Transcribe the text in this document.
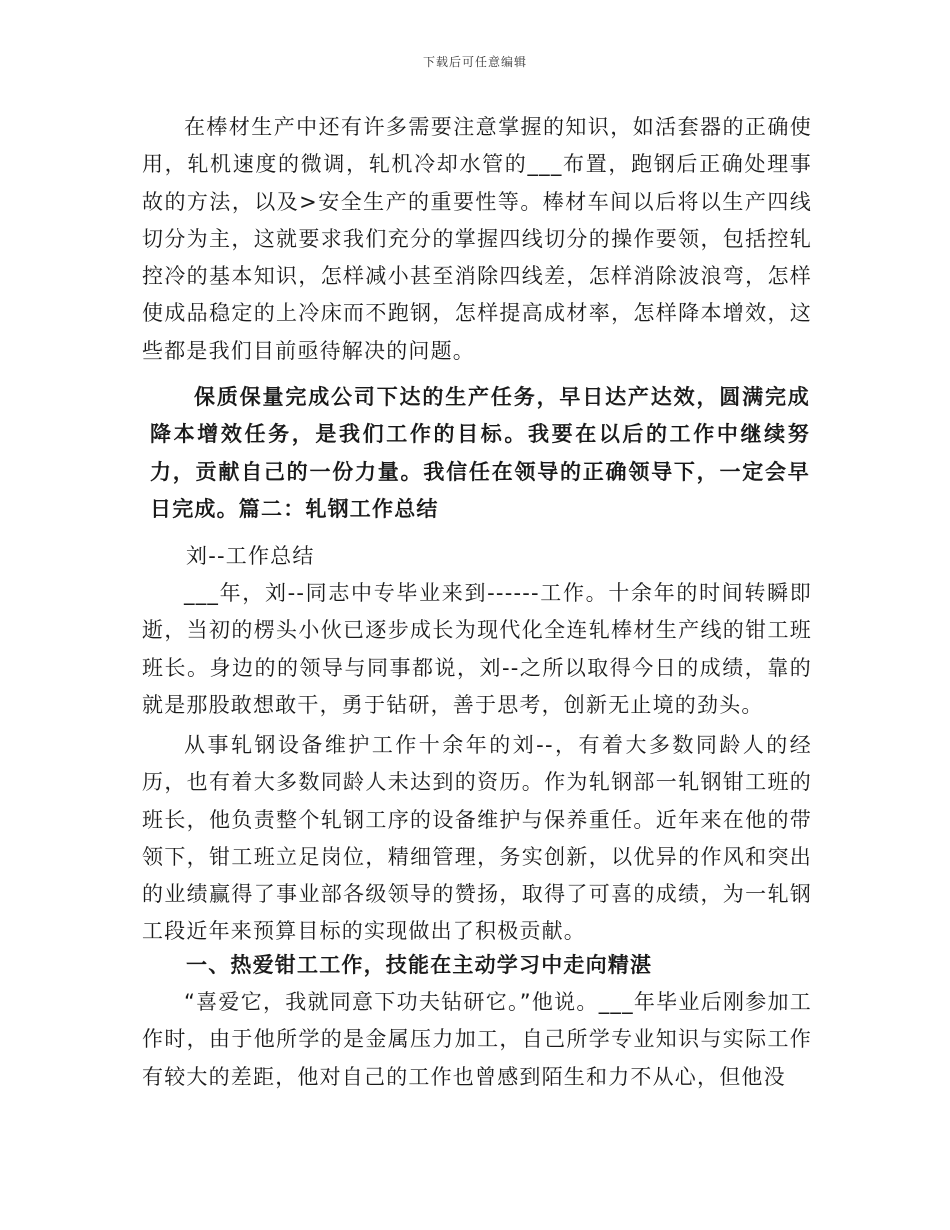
下载后可任意编辑

在棒材生产中还有许多需要注意掌握的知识，如活套器的正确使用，轧机速度的微调，轧机冷却水管的___布置，跑钢后正确处理事故的方法，以及>安全生产的重要性等。棒材车间以后将以生产四线切分为主，这就要求我们充分的掌握四线切分的操作要领，包括控轧控冷的基本知识，怎样减小甚至消除四线差，怎样消除波浪弯，怎样使成品稳定的上冷床而不跑钢，怎样提高成材率，怎样降本增效，这些都是我们目前亟待解决的问题。

保质保量完成公司下达的生产任务，早日达产达效，圆满完成降本增效任务，是我们工作的目标。我要在以后的工作中继续努力，贡献自己的一份力量。我信任在领导的正确领导下，一定会早日完成。篇二：轧钢工作总结

刘--工作总结

___年，刘--同志中专毕业来到------工作。十余年的时间转瞬即逝，当初的楞头小伙已逐步成长为现代化全连轧棒材生产线的钳工班班长。身边的的领导与同事都说，刘--之所以取得今日的成绩，靠的就是那股敢想敢干，勇于钻研，善于思考，创新无止境的劲头。

从事轧钢设备维护工作十余年的刘--，有着大多数同龄人的经历，也有着大多数同龄人未达到的资历。作为轧钢部一轧钢钳工班的班长，他负责整个轧钢工序的设备维护与保养重任。近年来在他的带领下，钳工班立足岗位，精细管理，务实创新，以优异的作风和突出的业绩赢得了事业部各级领导的赞扬，取得了可喜的成绩，为一轧钢工段近年来预算目标的实现做出了积极贡献。

一、热爱钳工工作，技能在主动学习中走向精湛

“喜爱它，我就同意下功夫钻研它。”他说。___年毕业后刚参加工作时，由于他所学的是金属压力加工，自己所学专业知识与实际工作有较大的差距，他对自己的工作也曾感到陌生和力不从心，但他没
